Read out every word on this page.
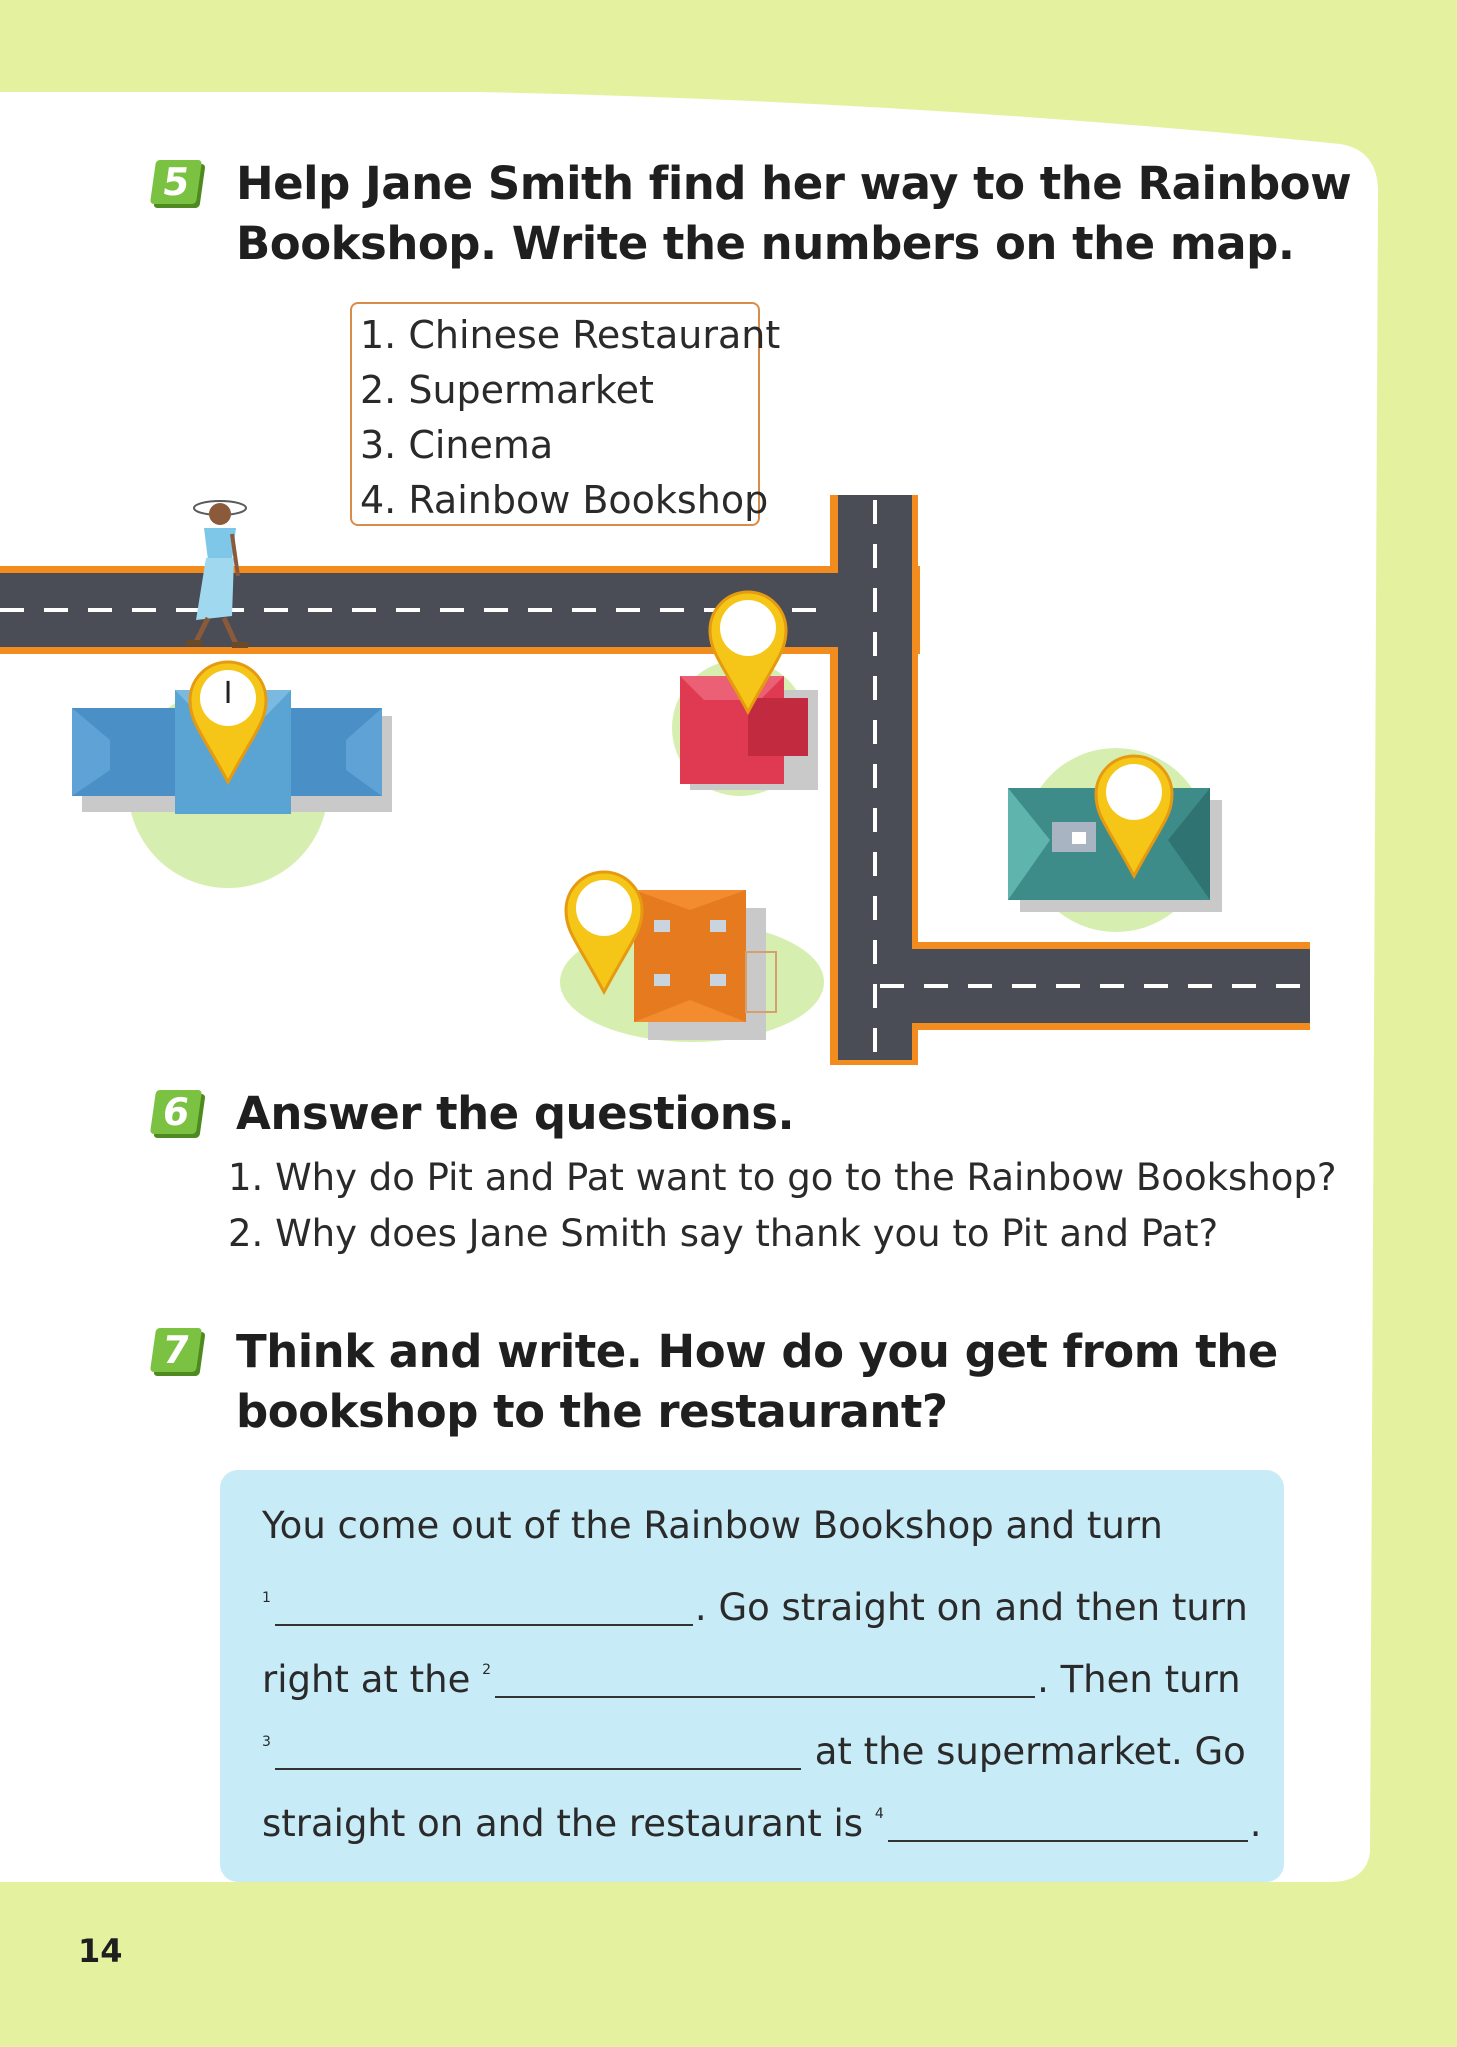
5 Help Jane Smith find her way to the Rainbow
Bookshop. Write the numbers on the map.
I
1. Chinese Restaurant
2. Supermarket
3. Cinema
4. Rainbow Bookshop
6 Answer the questions.
1. Why do Pit and Pat want to go to the Rainbow Bookshop?
2. Why does Jane Smith say thank you to Pit and Pat?
7 Think and write. How do you get from the
bookshop to the restaurant?
You come out of the Rainbow Bookshop and turn
$^1$	. Go straight on and then turn
right at the $^2$	. Then turn
$^3$	at the supermarket. Go
straight on and the restaurant is $^4$	.
14
